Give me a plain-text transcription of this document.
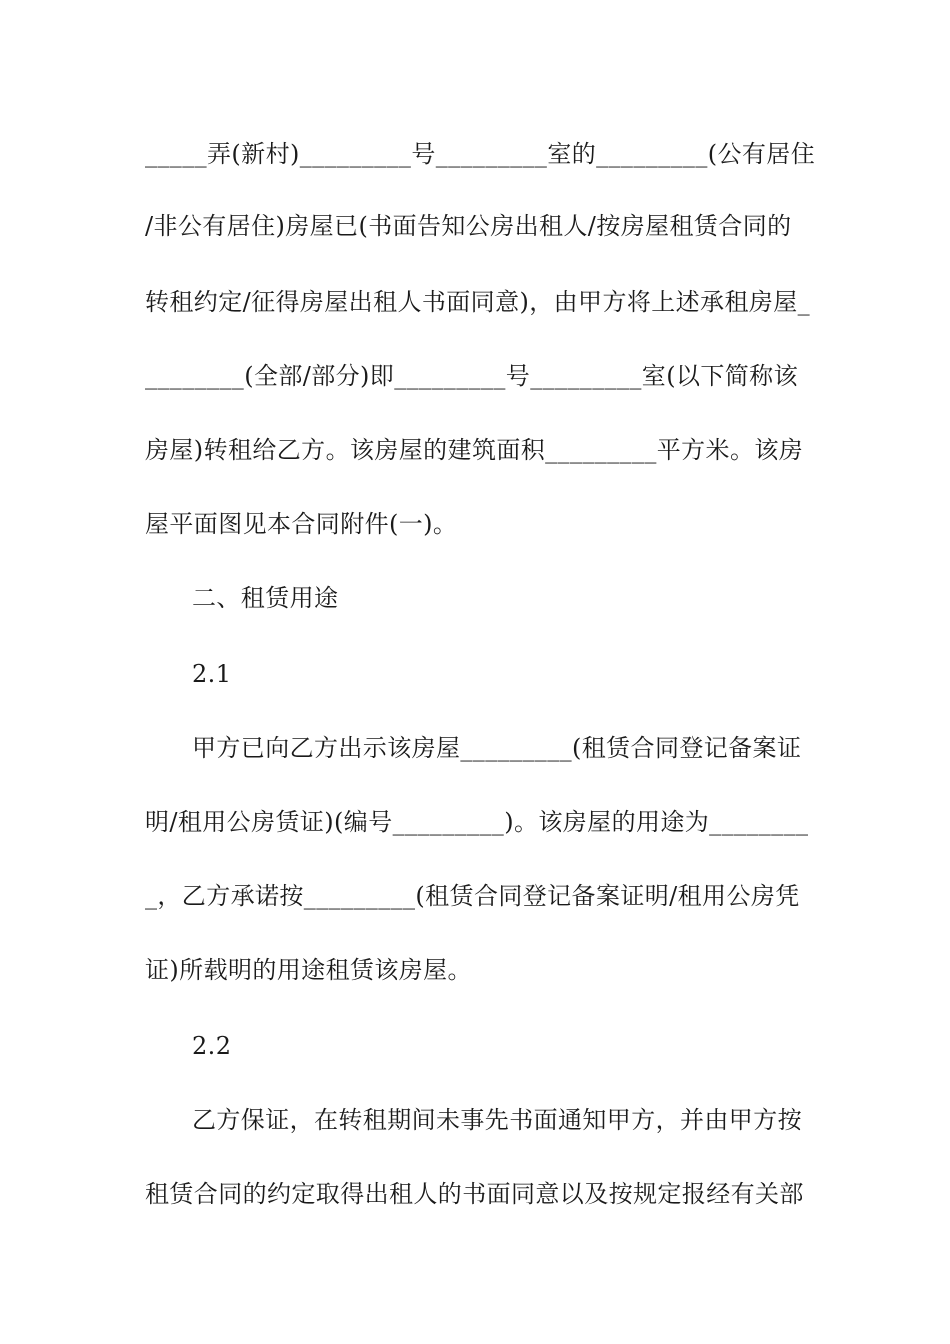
_____弄(新村)_________号_________室的_________(公有居住
/非公有居住)房屋已(书面告知公房出租人/按房屋租赁合同的
转租约定/征得房屋出租人书面同意)，由甲方将上述承租房屋_
________(全部/部分)即_________号_________室(以下简称该
房屋)转租给乙方。该房屋的建筑面积_________平方米。该房
屋平面图见本合同附件(一)。
二、租赁用途
2.1
甲方已向乙方出示该房屋_________(租赁合同登记备案证
明/租用公房赁证)(编号_________)。该房屋的用途为________
_，乙方承诺按_________(租赁合同登记备案证明/租用公房凭
证)所载明的用途租赁该房屋。
2.2
乙方保证，在转租期间未事先书面通知甲方，并由甲方按
租赁合同的约定取得出租人的书面同意以及按规定报经有关部
